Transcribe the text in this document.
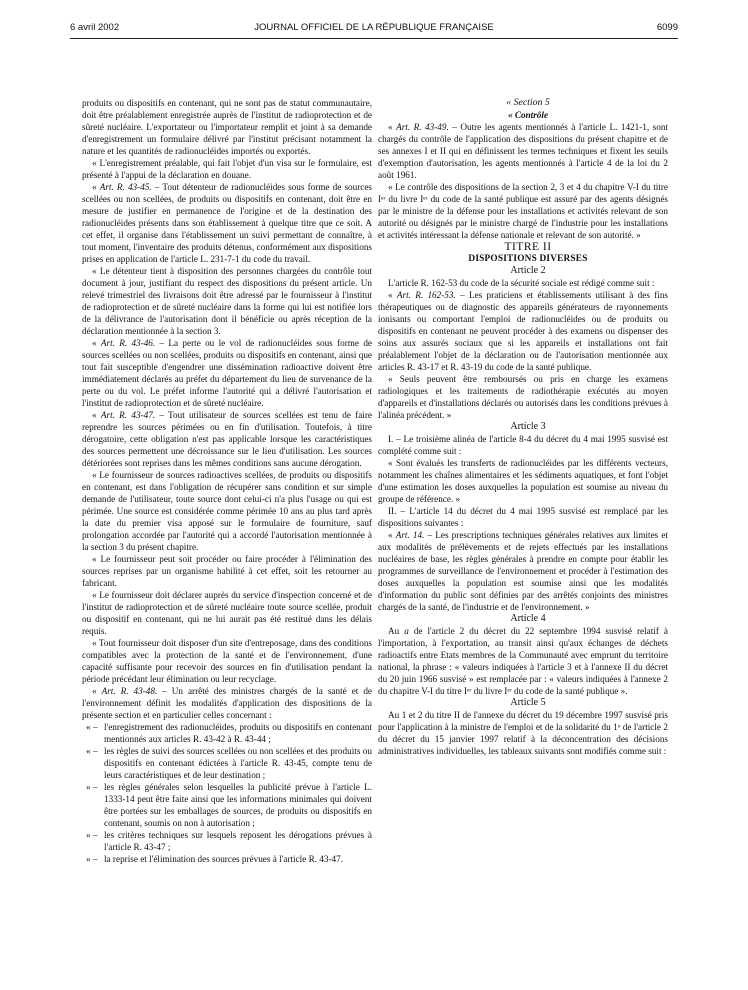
6 avril 2002	JOURNAL OFFICIEL DE LA RÉPUBLIQUE FRANÇAISE	6099

produits ou dispositifs en contenant, qui ne sont pas de statut communautaire, doit être préalablement enregistrée auprès de l'institut de radioprotection et de sûreté nucléaire. L'exportateur ou l'importateur remplit et joint à sa demande d'enregistrement un formulaire délivré par l'institut précisant notamment la nature et les quantités de radionucléides importés ou exportés.

« L'enregistrement préalable, qui fait l'objet d'un visa sur le formulaire, est présenté à l'appui de la déclaration en douane.

« Art. R. 43-45. – Tout détenteur de radionucléides sous forme de sources scellées ou non scellées, de produits ou dispositifs en contenant, doit être en mesure de justifier en permanence de l'origine et de la destination des radionucléides présents dans son établissement à quelque titre que ce soit. A cet effet, il organise dans l'établissement un suivi permettant de connaître, à tout moment, l'inventaire des produits détenus, conformément aux dispositions prises en application de l'article L. 231-7-1 du code du travail.

« Le détenteur tient à disposition des personnes chargées du contrôle tout document à jour, justifiant du respect des dispositions du présent article. Un relevé trimestriel des livraisons doit être adressé par le fournisseur à l'institut de radioprotection et de sûreté nucléaire dans la forme qui lui est notifiée lors de la délivrance de l'autorisation dont il bénéficie ou après réception de la déclaration mentionnée à la section 3.

« Art. R. 43-46. – La perte ou le vol de radionucléides sous forme de sources scellées ou non scellées, produits ou dispositifs en contenant, ainsi que tout fait susceptible d'engendrer une dissémination radioactive doivent être immédiatement déclarés au préfet du département du lieu de survenance de la perte ou du vol. Le préfet informe l'autorité qui a délivré l'autorisation et l'institut de radioprotection et de sûreté nucléaire.

« Art. R. 43-47. – Tout utilisateur de sources scellées est tenu de faire reprendre les sources périmées ou en fin d'utilisation. Toutefois, à titre dérogatoire, cette obligation n'est pas applicable lorsque les caractéristiques des sources permettent une décroissance sur le lieu d'utilisation. Les sources détériorées sont reprises dans les mêmes conditions sans aucune dérogation.

« Le fournisseur de sources radioactives scellées, de produits ou dispositifs en contenant, est dans l'obligation de récupérer sans condition et sur simple demande de l'utilisateur, toute source dont celui-ci n'a plus l'usage ou qui est périmée. Une source est considérée comme périmée 10 ans au plus tard après la date du premier visa apposé sur le formulaire de fourniture, sauf prolongation accordée par l'autorité qui a accordé l'autorisation mentionnée à la section 3 du présent chapitre.

« Le fournisseur peut soit procéder ou faire procéder à l'élimination des sources reprises par un organisme habilité à cet effet, soit les retourner au fabricant.

« Le fournisseur doit déclarer auprès du service d'inspection concerné et de l'institut de radioprotection et de sûreté nucléaire toute source scellée, produit ou dispositif en contenant, qui ne lui aurait pas été restitué dans les délais requis.

« Tout fournisseur doit disposer d'un site d'entreposage, dans des conditions compatibles avec la protection de la santé et de l'environnement, d'une capacité suffisante pour recevoir des sources en fin d'utilisation pendant la période précédant leur élimination ou leur recyclage.

« Art. R. 43-48. – Un arrêté des ministres chargés de la santé et de l'environnement définit les modalités d'application des dispositions de la présente section et en particulier celles concernant :

« – l'enregistrement des radionucléides, produits ou dispositifs en contenant mentionnés aux articles R. 43-42 à R. 43-44 ;

« – les règles de suivi des sources scellées ou non scellées et des produits ou dispositifs en contenant édictées à l'article R. 43-45, compte tenu de leurs caractéristiques et de leur destination ;

« – les règles générales selon lesquelles la publicité prévue à l'article L. 1333-14 peut être faite ainsi que les informations minimales qui doivent être portées sur les emballages de sources, de produits ou dispositifs en contenant, soumis on non à autorisation ;

« – les critères techniques sur lesquels reposent les dérogations prévues à l'article R. 43-47 ;

« – la reprise et l'élimination des sources prévues à l'article R. 43-47.

« Section 5

« Contrôle

« Art. R. 43-49. – Outre les agents mentionnés à l'article L. 1421-1, sont chargés du contrôle de l'application des dispositions du présent chapitre et de ses annexes I et II qui en définissent les termes techniques et fixent les seuils d'exemption d'autorisation, les agents mentionnés à l'article 4 de la loi du 2 août 1961.

« Le contrôle des dispositions de la section 2, 3 et 4 du chapitre V-I du titre Iᵉʳ du livre Iᵉʳ du code de la santé publique est assuré par des agents désignés par le ministre de la défense pour les installations et activités relevant de son autorité ou désignés par le ministre chargé de l'industrie pour les installations et activités intéressant la défense nationale et relevant de son autorité. »

TITRE II

DISPOSITIONS DIVERSES

Article 2

L'article R. 162-53 du code de la sécurité sociale est rédigé comme suit :

« Art. R. 162-53. – Les praticiens et établissements utilisant à des fins thérapeutiques ou de diagnostic des appareils générateurs de rayonnements ionisants ou comportant l'emploi de radionucléides ou de produits ou dispositifs en contenant ne peuvent procéder à des examens ou dispenser des soins aux assurés sociaux que si les appareils et installations ont fait préalablement l'objet de la déclaration ou de l'autorisation mentionnée aux articles R. 43-17 et R. 43-19 du code de la santé publique.

« Seuls peuvent être remboursés ou pris en charge les examens radiologiques et les traitements de radiothérapie exécutés au moyen d'appareils et d'installations déclarés ou autorisés dans les conditions prévues à l'alinéa précédent. »

Article 3

I. – Le troisième alinéa de l'article 8-4 du décret du 4 mai 1995 susvisé est complété comme suit :

« Sont évalués les transferts de radionucléides par les différents vecteurs, notamment les chaînes alimentaires et les sédiments aquatiques, et font l'objet d'une estimation les doses auxquelles la population est soumise au niveau du groupe de référence. »

II. – L'article 14 du décret du 4 mai 1995 susvisé est remplacé par les dispositions suivantes :

« Art. 14. – Les prescriptions techniques générales relatives aux limites et aux modalités de prélèvements et de rejets effectués par les installations nucléaires de base, les règles générales à prendre en compte pour établir les programmes de surveillance de l'environnement et procéder à l'estimation des doses auxquelles la population est soumise ainsi que les modalités d'information du public sont définies par des arrêtés conjoints des ministres chargés de la santé, de l'industrie et de l'environnement. »

Article 4

Au a de l'article 2 du décret du 22 septembre 1994 susvisé relatif à l'importation, à l'exportation, au transit ainsi qu'aux échanges de déchets radioactifs entre Etats membres de la Communauté avec emprunt du territoire national, la phrase : « valeurs indiquées à l'article 3 et à l'annexe II du décret du 20 juin 1966 susvisé » est remplacée par : « valeurs indiquées à l'annexe 2 du chapitre V-I du titre Iᵉʳ du livre Iᵉʳ du code de la santé publique ».

Article 5

Au 1 et 2 du titre II de l'annexe du décret du 19 décembre 1997 susvisé pris pour l'application à la ministre de l'emploi et de la solidarité du 1ᵒ de l'article 2 du décret du 15 janvier 1997 relatif à la déconcentration des décisions administratives individuelles, les tableaux suivants sont modifiés comme suit :
